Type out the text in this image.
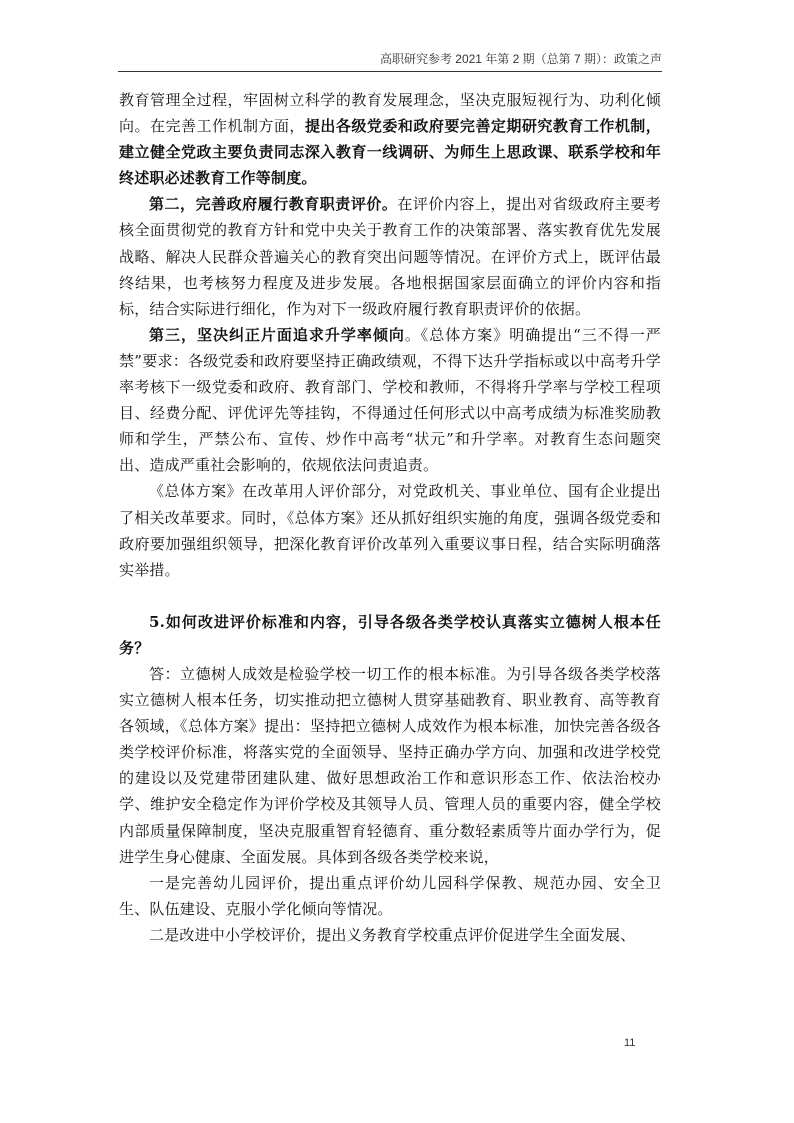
高职研究参考 2021 年第 2 期（总第 7 期）：政策之声

教育管理全过程，牢固树立科学的教育发展理念，坚决克服短视行为、功利化倾向。在完善工作机制方面，提出各级党委和政府要完善定期研究教育工作机制，建立健全党政主要负责同志深入教育一线调研、为师生上思政课、联系学校和年终述职必述教育工作等制度。

第二，完善政府履行教育职责评价。在评价内容上，提出对省级政府主要考核全面贯彻党的教育方针和党中央关于教育工作的决策部署、落实教育优先发展战略、解决人民群众普遍关心的教育突出问题等情况。在评价方式上，既评估最终结果，也考核努力程度及进步发展。各地根据国家层面确立的评价内容和指标，结合实际进行细化，作为对下一级政府履行教育职责评价的依据。

第三，坚决纠正片面追求升学率倾向。《总体方案》明确提出“三不得一严禁”要求：各级党委和政府要坚持正确政绩观，不得下达升学指标或以中高考升学率考核下一级党委和政府、教育部门、学校和教师，不得将升学率与学校工程项目、经费分配、评优评先等挂钩，不得通过任何形式以中高考成绩为标准奖励教师和学生，严禁公布、宣传、炒作中高考“状元”和升学率。对教育生态问题突出、造成严重社会影响的，依规依法问责追责。

《总体方案》在改革用人评价部分，对党政机关、事业单位、国有企业提出了相关改革要求。同时，《总体方案》还从抓好组织实施的角度，强调各级党委和政府要加强组织领导，把深化教育评价改革列入重要议事日程，结合实际明确落实举措。

5.如何改进评价标准和内容，引导各级各类学校认真落实立德树人根本任务？

答：立德树人成效是检验学校一切工作的根本标准。为引导各级各类学校落实立德树人根本任务，切实推动把立德树人贯穿基础教育、职业教育、高等教育各领域，《总体方案》提出：坚持把立德树人成效作为根本标准，加快完善各级各类学校评价标准，将落实党的全面领导、坚持正确办学方向、加强和改进学校党的建设以及党建带团建队建、做好思想政治工作和意识形态工作、依法治校办学、维护安全稳定作为评价学校及其领导人员、管理人员的重要内容，健全学校内部质量保障制度，坚决克服重智育轻德育、重分数轻素质等片面办学行为，促进学生身心健康、全面发展。具体到各级各类学校来说，

一是完善幼儿园评价，提出重点评价幼儿园科学保教、规范办园、安全卫生、队伍建设、克服小学化倾向等情况。

二是改进中小学校评价，提出义务教育学校重点评价促进学生全面发展、

11
